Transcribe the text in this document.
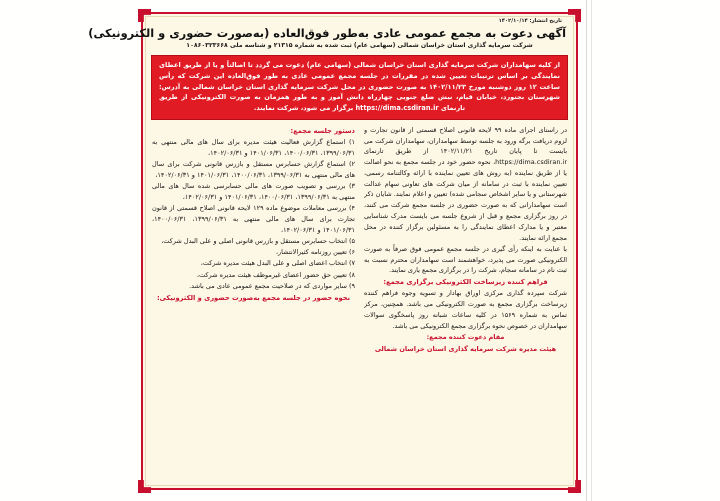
تاریخ انتشار: ۱۴۰۲/۱۰/۱۴
آگهی دعوت به مجمع عمومی عادی به‌طور فوق‌العاده (به‌صورت حضوری و الکترونیکی)
شرکت سرمایه گذاری استان خراسان شمالی (سهامی عام) ثبت شده به شماره ۲۱۳۱۵ و شناسه ملی ۱۰۸۶۰۳۲۳۶۶۸

از کلیه سهامداران شرکت سرمایه گذاری استان خراسان شمالی (سهامی عام) دعوت می گردد تا اصالتاً و یا از طریق اعطای نمایندگی بر اساس ترتیبات تعیین شده در مقررات در جلسه مجمع عمومی عادی به طور فوق‌العاده این شرکت که رأس ساعت ۱۲ روز دوشنبه مورخ ۱۴۰۲/۱۱/۲۳ به صورت حضوری در محل شرکت سرمایه گذاری استان خراسان شمالی به آدرس: شهرستان بجنورد، خیابان قیام، نبش ضلع جنوبی چهارراه دانش آموز و به طور همزمان به صورت الکترونیکی از طریق تارنمای https://dima.csdiran.ir برگزار می شود، شرکت نمایند.

در راستای اجرای ماده ۹۹ لایحه قانونی اصلاح قسمتی از قانون تجارت و لزوم دریافت برگه ورود به جلسه توسط سهامداران، سهامداران شرکت می بایست تا پایان تاریخ ۱۴۰۲/۱۱/۲۱ از طریق تارنمای https://dima.csdiran.ir، نحوه حضور خود در جلسه مجمع به نحو اصالت یا از طریق نماینده (به روش های تعیین نماینده با ارائه وکالتنامه رسمی، تعیین نماینده با ثبت در سامانه از میان شرکت های تعاونی سهام عدالت شهرستانی و یا سایر اشخاص سجامی شده) تعیین و اعلام نمایند. شایان ذکر است سهامدارانی که به صورت حضوری در جلسه مجمع شرکت می کنند، در روز برگزاری مجمع و قبل از شروع جلسه می بایست مدرک شناسایی معتبر و یا مدارک اعطای نمایندگی را به مسئولین برگزار کننده در محل مجمع ارائه نمایند.

با عنایت به اینکه رأی گیری در جلسه مجمع عمومی فوق صرفاً به صورت الکترونیکی صورت می پذیرد، خواهشمند است سهامداران محترم نسبت به ثبت نام در سامانه سجام، شرکت را در برگزاری مجمع یاری نمایند.

فراهم کننده زیرساخت الکترونیکی برگزاری مجمع:

شرکت سپرده گذاری مرکزی اوراق بهادار و تسویه وجوه فراهم کننده زیرساخت برگزاری مجمع به صورت الکترونیکی می باشد. همچنین، مرکز تماس به شماره ۱۵۶۹ در کلیه ساعات شبانه روز پاسخگوی سوالات سهامداران در خصوص نحوه برگزاری مجمع الکترونیکی می باشد.

مقام دعوت کننده مجمع:
هیئت مدیره شرکت سرمایه گذاری استان خراسان شمالی
دستور جلسه مجمع:

۱) استماع گزارش فعالیت هیئت مدیره برای سال های مالی منتهی به ۱۳۹۹/۰۶/۳۱، ۱۴۰۰/۰۶/۳۱، ۱۴۰۱/۰۶/۳۱ و ۱۴۰۲/۰۶/۳۱،

۲) استماع گزارش حسابرس مستقل و بازرس قانونی شرکت برای سال های مالی منتهی به ۱۳۹۹/۰۶/۳۱، ۱۴۰۰/۰۶/۳۱، ۱۴۰۱/۰۶/۳۱ و ۱۴۰۲/۰۶/۳۱،

۳) بررسی و تصویب صورت های مالی حسابرسی شده سال های مالی منتهی به ۱۳۹۹/۰۶/۳۱، ۱۴۰۰/۰۶/۳۱، ۱۴۰۱/۰۶/۳۱ و ۱۴۰۲/۰۶/۳۱،

۴) بررسی معاملات موضوع ماده ۱۲۹ لایحه قانونی اصلاح قسمتی از قانون تجارت برای سال های مالی منتهی به ۱۳۹۹/۰۶/۳۱، ۱۴۰۰/۰۶/۳۱، ۱۴۰۱/۰۶/۳۱ و ۱۴۰۲/۰۶/۳۱،

۵) انتخاب حسابرس مستقل و بازرس قانونی اصلی و علی البدل شرکت،

۶) تعیین روزنامه کثیرالانتشار،

۷) انتخاب اعضای اصلی و علی البدل هیئت مدیره شرکت،

۸) تعیین حق حضور اعضای غیرموظف هیئت مدیره شرکت،

۹) سایر مواردی که در صلاحیت مجمع عمومی عادی می باشد.

نحوه حضور در جلسه مجمع به‌صورت حضوری و الکترونیکی:
